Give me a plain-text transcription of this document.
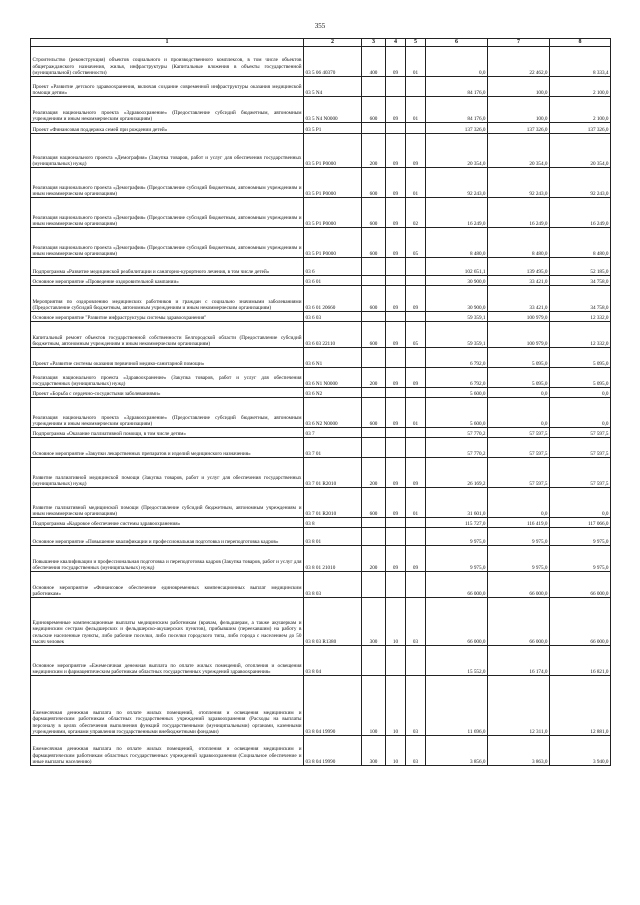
355
1	2	3	4	5	6	7	8
Строительство (реконструкция) объектов социального и производственного комплексов, в том числе объектов общегражданского назначения, жилья, инфраструктуры (Капитальные вложения в объекты государственной (муниципальной) собственности)	03 5 06 40370	400	09	01	0,0	22 462,0	8 333,4
Проект «Развитие детского здравоохранения, включая создание современной инфраструктуры оказания медицинской помощи детям»	03 5 N4				84 176,0	100,0	2 100,0
Реализация национального проекта «Здравоохранение» (Предоставление субсидий бюджетным, автономным учреждениям и иным некоммерческим организациям)	03 5 N4 N0000	600	09	01	84 176,0	100,0	2 100,0
Проект «Финансовая поддержка семей при рождении детей»	03 5 P1				137 326,0	137 326,0	137 326,0
Реализация национального проекта «Демография» (Закупка товаров, работ и услуг для обеспечения государственных (муниципальных) нужд)	03 5 P1 P0000	200	09	09	20 354,0	20 354,0	20 354,0
Реализация национального проекта «Демография» (Предоставление субсидий бюджетным, автономным учреждениям и иным некоммерческим организациям)	03 5 P1 P0000	600	09	01	92 243,0	92 243,0	92 243,0
Реализация национального проекта «Демография» (Предоставление субсидий бюджетным, автономным учреждениям и иным некоммерческим организациям)	03 5 P1 P0000	600	09	02	16 249,0	16 249,0	16 249,0
Реализация национального проекта «Демография» (Предоставление субсидий бюджетным, автономным учреждениям и иным некоммерческим организациям)	03 5 P1 P0000	600	09	05	8 480,0	8 480,0	8 480,0
Подпрограмма «Развитие медицинской реабилитации и санаторно-курортного лечения, в том числе детей»	03 6				102 651,1	139 495,0	52 185,0
Основное мероприятие «Проведение оздоровительной кампании»	03 6 01				30 900,0	33 421,0	34 758,0
Мероприятия по оздоровлению медицинских работников и граждан с социально значимыми заболеваниями (Предоставление субсидий бюджетным, автономным учреждениям и иным некоммерческим организациям)	03 6 01 20660	600	09	09	30 900,0	33 421,0	34 758,0
Основное мероприятие "Развитие инфраструктуры системы здравоохранения"	03 6 03				59 359,1	100 979,0	12 332,0
Капитальный ремонт объектов государственной собственности Белгородской области (Предоставление субсидий бюджетным, автономным учреждениям и иным некоммерческим организациям)	03 6 03 22110	600	09	05	59 359,1	100 979,0	12 332,0
Проект «Развитие системы оказания первичной медико-санитарной помощи»	03 6 N1				6 792,0	5 095,0	5 095,0
Реализация национального проекта «Здравоохранение» (Закупка товаров, работ и услуг для обеспечения государственных (муниципальных) нужд)	03 6 N1 N0000	200	09	09	6 792,0	5 095,0	5 095,0
Проект «Борьба с сердечно-сосудистыми заболеваниями»	03 6 N2				5 600,0	0,0	0,0
Реализация национального проекта «Здравоохранение» (Предоставление субсидий бюджетным, автономным учреждениям и иным некоммерческим организациям)	03 6 N2 N0000	600	09	01	5 600,0	0,0	0,0
Подпрограмма «Оказание паллиативной помощи, в том числе детям»	03 7				57 770,2	57 597,5	57 597,5
Основное мероприятие «Закупки лекарственных препаратов и изделий медицинского назначения»	03 7 01				57 770,2	57 597,5	57 597,5
Развитие паллиативной медицинской помощи (Закупка товаров, работ и услуг для обеспечения государственных (муниципальных) нужд)	03 7 01 R2010	200	09	09	26 169,2	57 597,5	57 597,5
Развитие паллиативной медицинской помощи (Предоставление субсидий бюджетным, автономным учреждениям и иным некоммерческим организациям)	03 7 01 R2010	600	09	01	31 601,0	0,0	0,0
Подпрограмма «Кадровое обеспечение системы здравоохранения»	03 8				115 727,0	116 419,0	117 066,0
Основное мероприятие «Повышение квалификации и профессиональная подготовка и переподготовка кадров»	03 8 01				9 975,0	9 975,0	9 975,0
Повышение квалификации и профессиональная подготовка и переподготовка кадров (Закупка товаров, работ и услуг для обеспечения государственных (муниципальных) нужд)	03 8 01 21010	200	09	09	9 975,0	9 975,0	9 975,0
Основное мероприятие «Финансовое обеспечение единовременных компенсационных выплат медицинским работникам»	03 8 03				66 000,0	66 000,0	66 000,0
Единовременные компенсационные выплаты медицинским работникам (врачам, фельдшерам, а также акушеркам и медицинским сестрам фельдшерских и фельдшерско-акушерских пунктов), прибывшим (переехавшим) на работу в сельские населенные пункты, либо рабочие поселки, либо поселки городского типа, либо города с населением до 50 тысяч человек	03 8 03 R1380	300	10	03	66 000,0	66 000,0	66 000,0
Основное мероприятие «Ежемесячная денежная выплата по оплате жилых помещений, отопления и освещения медицинским и фармацевтическим работникам областных государственных учреждений здравоохранения»	03 8 04				15 552,0	16 174,0	16 821,0
Ежемесячная денежная выплата по оплате жилых помещений, отопления и освещения медицинским и фармацевтическим работникам областных государственных учреждений здравоохранения (Расходы на выплаты персоналу в целях обеспечения выполнения функций государственными (муниципальными) органами, казенными учреждениями, органами управления государственными внебюджетными фондами)	03 8 04 19990	100	10	03	11 696,0	12 311,0	12 881,0
Ежемесячная денежная выплата по оплате жилых помещений, отопления и освещения медицинским и фармацевтическим работникам областных государственных учреждений здравоохранения (Социальное обеспечение и иные выплаты населению)	03 8 04 19990	300	10	03	3 856,0	3 863,0	3 940,0
